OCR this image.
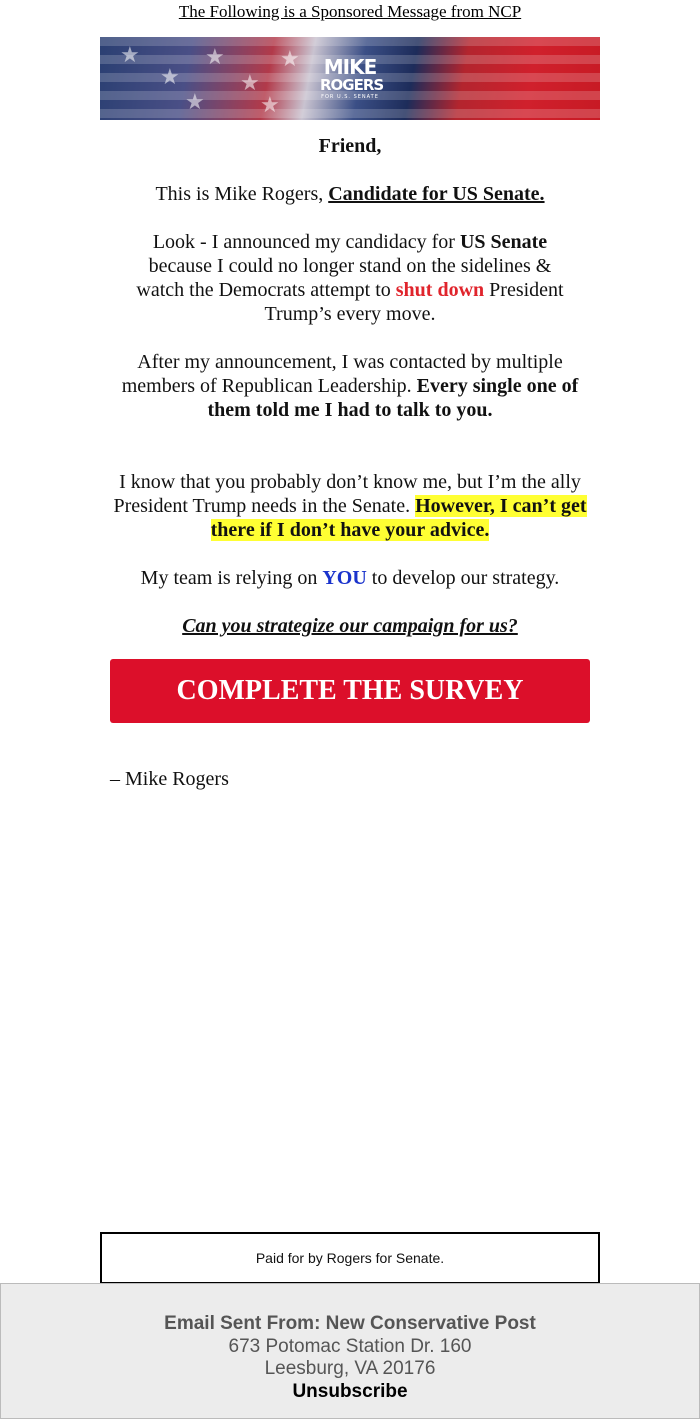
The Following is a Sponsored Message from NCP
★
★
★
★
★
★	★
MIKE
ROGERS
FOR U.S. SENATE

Friend,

This is Mike Rogers, Candidate for US Senate.

Look - I announced my candidacy for US Senate because I could no longer stand on the sidelines & watch the Democrats attempt to shut down President Trump’s every move.

After my announcement, I was contacted by multiple members of Republican Leadership. Every single one of them told me I had to talk to you.

I know that you probably don’t know me, but I’m the ally President Trump needs in the Senate. However, I can’t get there if I don’t have your advice.

My team is relying on YOU to develop our strategy.

Can you strategize our campaign for us?

COMPLETE THE SURVEY
– Mike Rogers
Paid for by Rogers for Senate.
Email Sent From: New Conservative Post
673 Potomac Station Dr. 160
Leesburg, VA 20176
Unsubscribe
